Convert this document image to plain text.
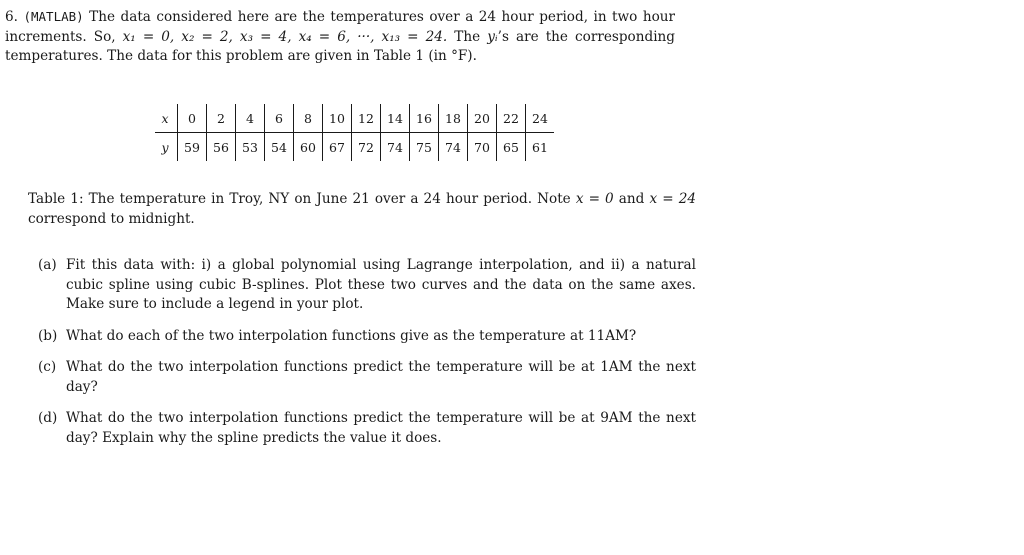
6. (MATLAB) The data considered here are the temperatures over a 24 hour period, in two hour increments. So, x₁ = 0, x₂ = 2, x₃ = 4, x₄ = 6, ···, x₁₃ = 24. The yᵢ’s are the corresponding temperatures. The data for this problem are given in Table 1 (in °F).

x	0	2	4	6	8	10	12	14	16	18	20	22	24
y	59	56	53	54	60	67	72	74	75	74	70	65	61

Table 1: The temperature in Troy, NY on June 21 over a 24 hour period. Note x = 0 and x = 24 correspond to midnight.

(a) Fit this data with: i) a global polynomial using Lagrange interpolation, and ii) a natural cubic spline using cubic B-splines. Plot these two curves and the data on the same axes. Make sure to include a legend in your plot.
(b) What do each of the two interpolation functions give as the temperature at 11AM?
(c) What do the two interpolation functions predict the temperature will be at 1AM the next day?
(d) What do the two interpolation functions predict the temperature will be at 9AM the next day? Explain why the spline predicts the value it does.
